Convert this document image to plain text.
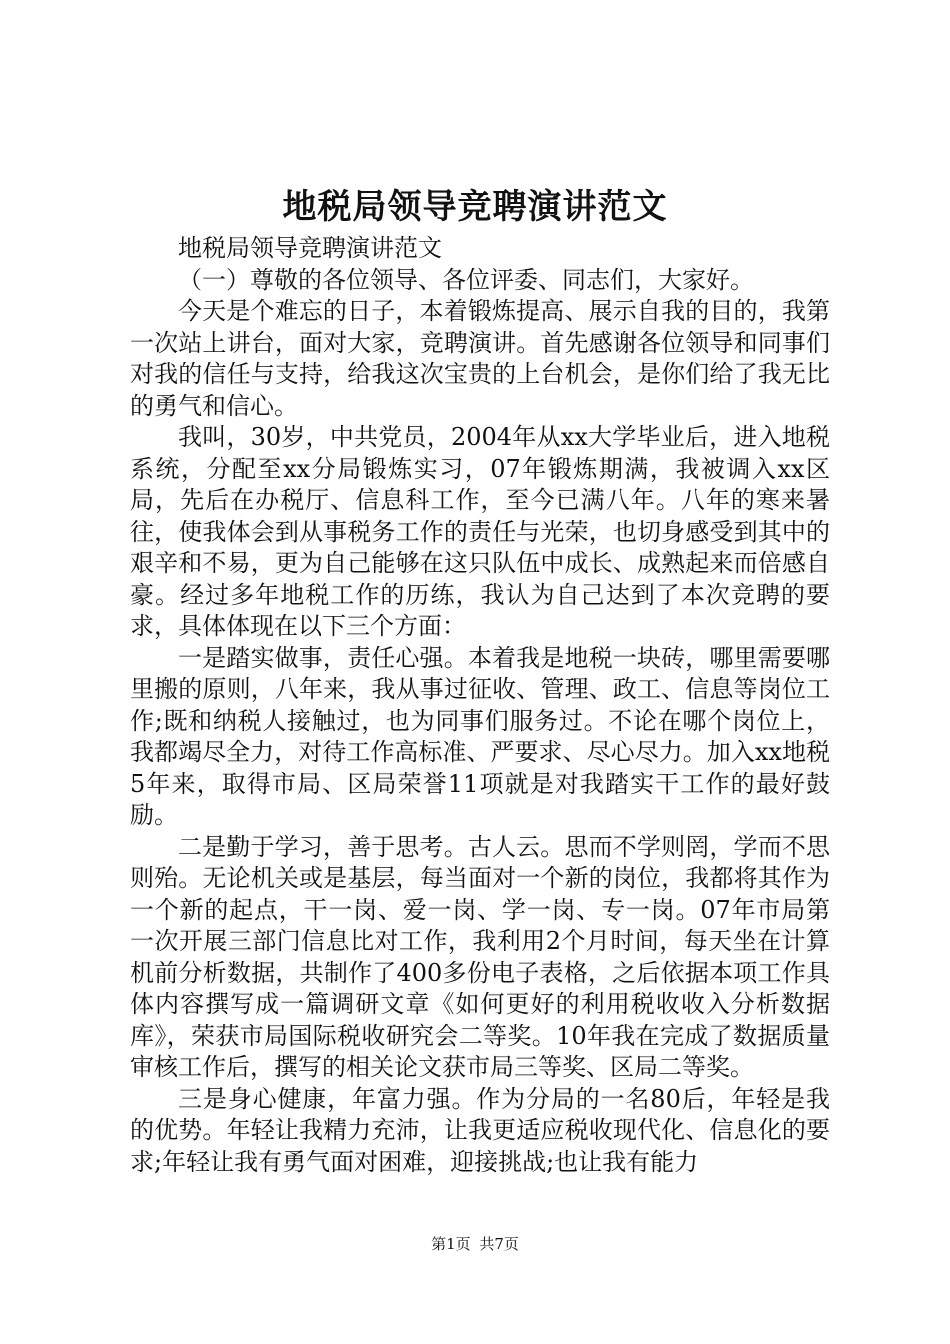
地税局领导竞聘演讲范文

地税局领导竞聘演讲范文

（一）尊敬的各位领导、各位评委、同志们，大家好。

今天是个难忘的日子，本着锻炼提高、展示自我的目的，我第一次站上讲台，面对大家，竞聘演讲。首先感谢各位领导和同事们对我的信任与支持，给我这次宝贵的上台机会，是你们给了我无比的勇气和信心。

我叫，30岁，中共党员，2004年从xx大学毕业后，进入地税系统，分配至xx分局锻炼实习，07年锻炼期满，我被调入xx区局，先后在办税厅、信息科工作，至今已满八年。八年的寒来暑往，使我体会到从事税务工作的责任与光荣，也切身感受到其中的艰辛和不易，更为自己能够在这只队伍中成长、成熟起来而倍感自豪。经过多年地税工作的历练，我认为自己达到了本次竞聘的要求，具体体现在以下三个方面：

一是踏实做事，责任心强。本着我是地税一块砖，哪里需要哪里搬的原则，八年来，我从事过征收、管理、政工、信息等岗位工作;既和纳税人接触过，也为同事们服务过。不论在哪个岗位上，我都竭尽全力，对待工作高标准、严要求、尽心尽力。加入xx地税5年来，取得市局、区局荣誉11项就是对我踏实干工作的最好鼓励。

二是勤于学习，善于思考。古人云。思而不学则罔，学而不思则殆。无论机关或是基层，每当面对一个新的岗位，我都将其作为一个新的起点，干一岗、爱一岗、学一岗、专一岗。07年市局第一次开展三部门信息比对工作，我利用2个月时间，每天坐在计算机前分析数据，共制作了400多份电子表格，之后依据本项工作具体内容撰写成一篇调研文章《如何更好的利用税收收入分析数据库》，荣获市局国际税收研究会二等奖。10年我在完成了数据质量审核工作后，撰写的相关论文获市局三等奖、区局二等奖。

三是身心健康，年富力强。作为分局的一名80后，年轻是我的优势。年轻让我精力充沛，让我更适应税收现代化、信息化的要求;年轻让我有勇气面对困难，迎接挑战;也让我有能力

第1页 共7页
